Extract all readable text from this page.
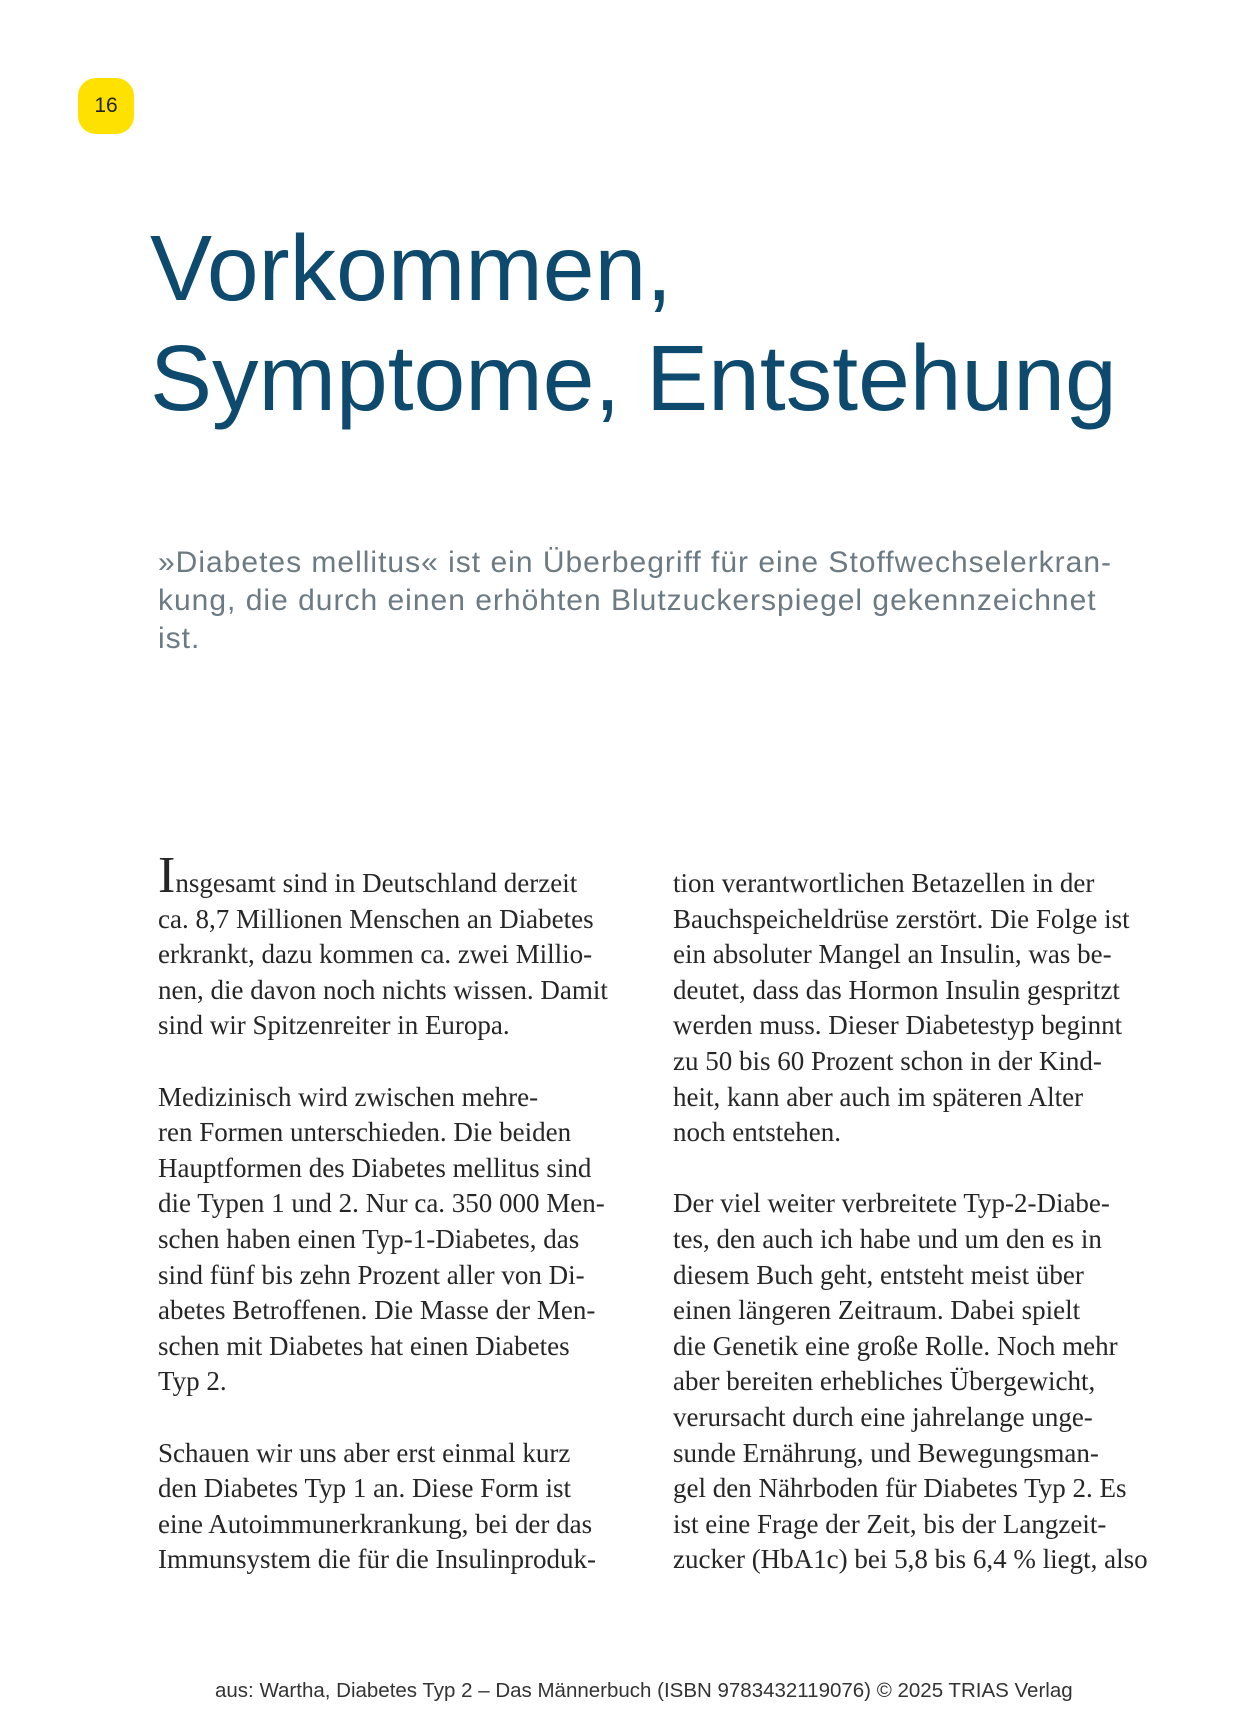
16
Vorkommen,
Symptome, Entstehung
»Diabetes mellitus« ist ein Überbegriff für eine Stoffwechselerkran-
kung, die durch einen erhöhten Blutzuckerspiegel gekennzeichnet
ist.
Insgesamt sind in Deutschland derzeit
ca. 8,7 Millionen Menschen an Diabetes
erkrankt, dazu kommen ca. zwei Millio-
nen, die davon noch nichts wissen. Damit
sind wir Spitzenreiter in Europa.
Medizinisch wird zwischen mehre-
ren Formen unterschieden. Die beiden
Hauptformen des Diabetes mellitus sind
die Typen 1 und 2. Nur ca. 350 000 Men-
schen haben einen Typ-1-Diabetes, das
sind fünf bis zehn Prozent aller von Di-
abetes Betroffenen. Die Masse der Men-
schen mit Diabetes hat einen Diabetes
Typ 2.
Schauen wir uns aber erst einmal kurz
den Diabetes Typ 1 an. Diese Form ist
eine Autoimmunerkrankung, bei der das
Immunsystem die für die Insulinproduk-
tion verantwortlichen Betazellen in der
Bauchspeicheldrüse zerstört. Die Folge ist
ein absoluter Mangel an Insulin, was be-
deutet, dass das Hormon Insulin gespritzt
werden muss. Dieser Diabetestyp beginnt
zu 50 bis 60 Prozent schon in der Kind-
heit, kann aber auch im späteren Alter
noch entstehen.
Der viel weiter verbreitete Typ-2-Diabe-
tes, den auch ich habe und um den es in
diesem Buch geht, entsteht meist über
einen längeren Zeitraum. Dabei spielt
die Genetik eine große Rolle. Noch mehr
aber bereiten erhebliches Übergewicht,
verursacht durch eine jahrelange unge-
sunde Ernährung, und Bewegungsman-
gel den Nährboden für Diabetes Typ 2. Es
ist eine Frage der Zeit, bis der Langzeit-
zucker (HbA1c) bei 5,8 bis 6,4 % liegt, also
aus: Wartha, Diabetes Typ 2 – Das Männerbuch (ISBN 9783432119076) © 2025 TRIAS Verlag
